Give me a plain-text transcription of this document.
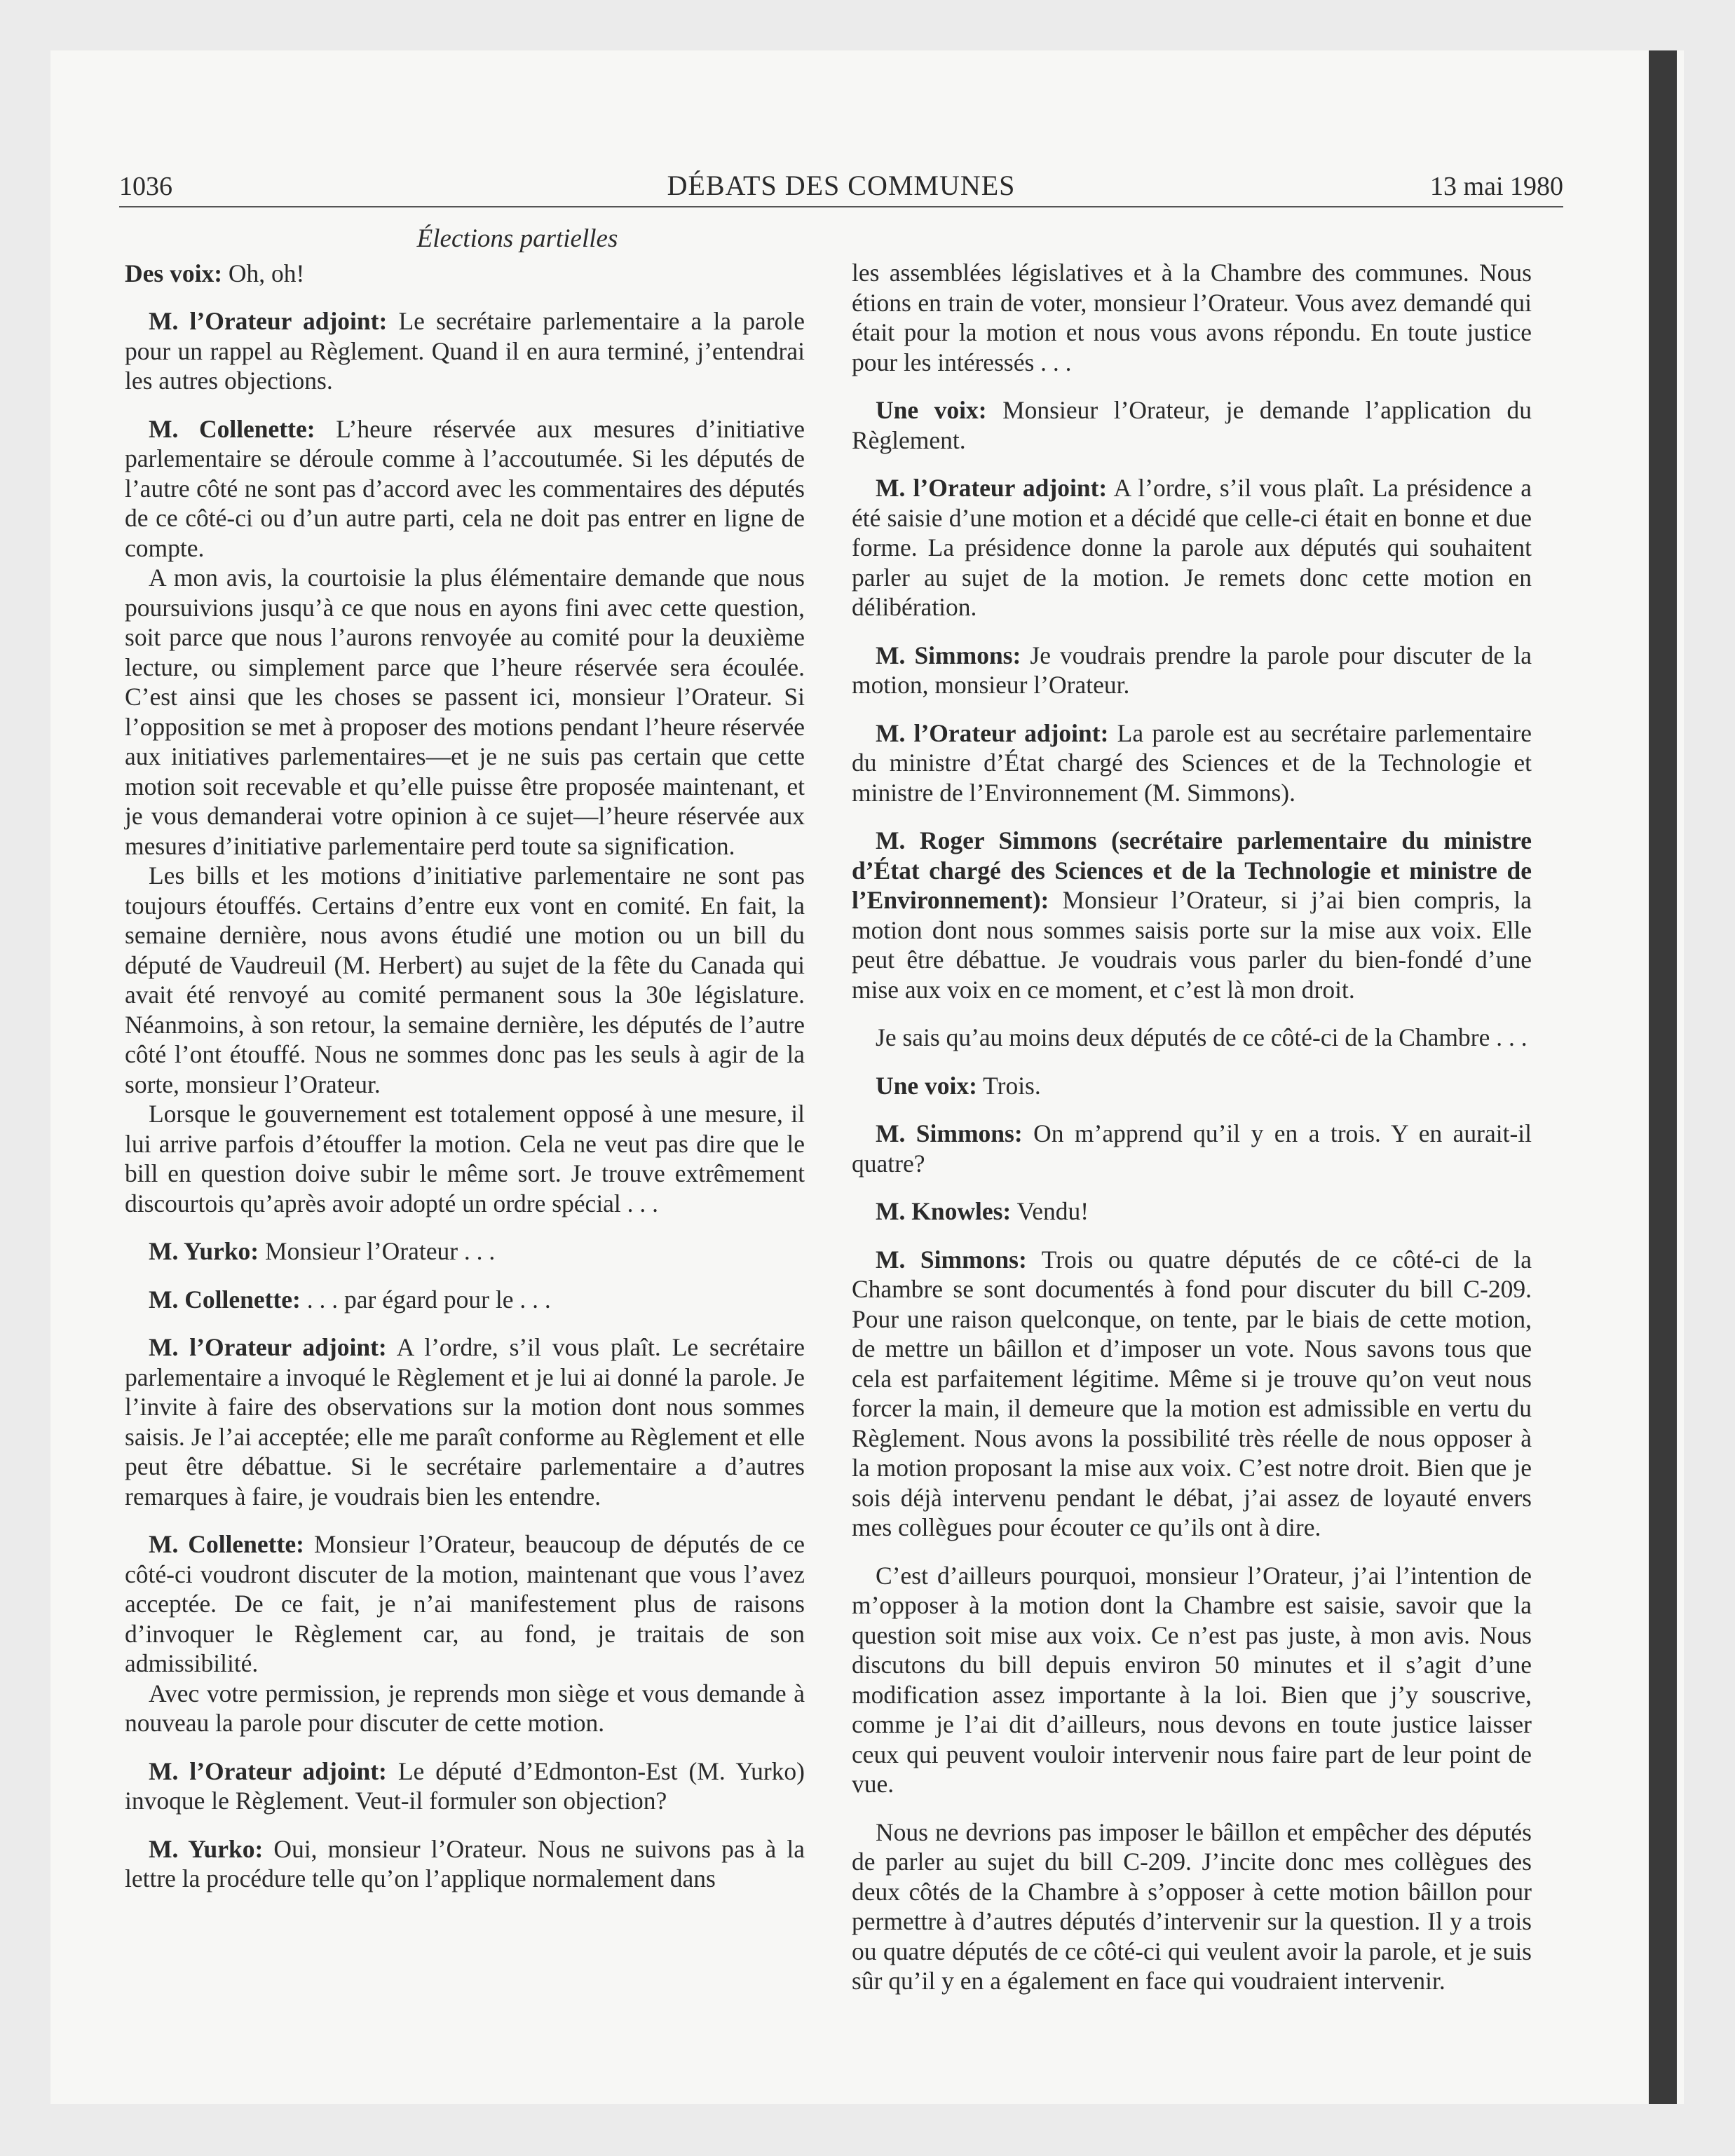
1036	DÉBATS DES COMMUNES	13 mai 1980
Élections partielles

Des voix: Oh, oh!

M. l’Orateur adjoint: Le secrétaire parlementaire a la parole pour un rappel au Règlement. Quand il en aura terminé, j’entendrai les autres objections.

M. Collenette: L’heure réservée aux mesures d’initiative parlementaire se déroule comme à l’accoutumée. Si les députés de l’autre côté ne sont pas d’accord avec les commentaires des députés de ce côté-ci ou d’un autre parti, cela ne doit pas entrer en ligne de compte.

A mon avis, la courtoisie la plus élémentaire demande que nous poursuivions jusqu’à ce que nous en ayons fini avec cette question, soit parce que nous l’aurons renvoyée au comité pour la deuxième lecture, ou simplement parce que l’heure réservée sera écoulée. C’est ainsi que les choses se passent ici, monsieur l’Orateur. Si l’opposition se met à proposer des motions pendant l’heure réservée aux initiatives parlementaires—et je ne suis pas certain que cette motion soit recevable et qu’elle puisse être proposée maintenant, et je vous demanderai votre opinion à ce sujet—l’heure réservée aux mesures d’initiative parlementaire perd toute sa signification.

Les bills et les motions d’initiative parlementaire ne sont pas toujours étouffés. Certains d’entre eux vont en comité. En fait, la semaine dernière, nous avons étudié une motion ou un bill du député de Vaudreuil (M. Herbert) au sujet de la fête du Canada qui avait été renvoyé au comité permanent sous la 30e législature. Néanmoins, à son retour, la semaine dernière, les députés de l’autre côté l’ont étouffé. Nous ne sommes donc pas les seuls à agir de la sorte, monsieur l’Orateur.

Lorsque le gouvernement est totalement opposé à une mesure, il lui arrive parfois d’étouffer la motion. Cela ne veut pas dire que le bill en question doive subir le même sort. Je trouve extrêmement discourtois qu’après avoir adopté un ordre spécial . . .

M. Yurko: Monsieur l’Orateur . . .

M. Collenette: . . . par égard pour le . . .

M. l’Orateur adjoint: A l’ordre, s’il vous plaît. Le secrétaire parlementaire a invoqué le Règlement et je lui ai donné la parole. Je l’invite à faire des observations sur la motion dont nous sommes saisis. Je l’ai acceptée; elle me paraît conforme au Règlement et elle peut être débattue. Si le secrétaire parlementaire a d’autres remarques à faire, je voudrais bien les entendre.

M. Collenette: Monsieur l’Orateur, beaucoup de députés de ce côté-ci voudront discuter de la motion, maintenant que vous l’avez acceptée. De ce fait, je n’ai manifestement plus de raisons d’invoquer le Règlement car, au fond, je traitais de son admissibilité.

Avec votre permission, je reprends mon siège et vous demande à nouveau la parole pour discuter de cette motion.

M. l’Orateur adjoint: Le député d’Edmonton-Est (M. Yurko) invoque le Règlement. Veut-il formuler son objection?

M. Yurko: Oui, monsieur l’Orateur. Nous ne suivons pas à la lettre la procédure telle qu’on l’applique normalement dans

les assemblées législatives et à la Chambre des communes. Nous étions en train de voter, monsieur l’Orateur. Vous avez demandé qui était pour la motion et nous vous avons répondu. En toute justice pour les intéressés . . .

Une voix: Monsieur l’Orateur, je demande l’application du Règlement.

M. l’Orateur adjoint: A l’ordre, s’il vous plaît. La présidence a été saisie d’une motion et a décidé que celle-ci était en bonne et due forme. La présidence donne la parole aux députés qui souhaitent parler au sujet de la motion. Je remets donc cette motion en délibération.

M. Simmons: Je voudrais prendre la parole pour discuter de la motion, monsieur l’Orateur.

M. l’Orateur adjoint: La parole est au secrétaire parlementaire du ministre d’État chargé des Sciences et de la Technologie et ministre de l’Environnement (M. Simmons).

M. Roger Simmons (secrétaire parlementaire du ministre d’État chargé des Sciences et de la Technologie et ministre de l’Environnement): Monsieur l’Orateur, si j’ai bien compris, la motion dont nous sommes saisis porte sur la mise aux voix. Elle peut être débattue. Je voudrais vous parler du bien-fondé d’une mise aux voix en ce moment, et c’est là mon droit.

Je sais qu’au moins deux députés de ce côté-ci de la Chambre . . .

Une voix: Trois.

M. Simmons: On m’apprend qu’il y en a trois. Y en aurait-il quatre?

M. Knowles: Vendu!

M. Simmons: Trois ou quatre députés de ce côté-ci de la Chambre se sont documentés à fond pour discuter du bill C-209. Pour une raison quelconque, on tente, par le biais de cette motion, de mettre un bâillon et d’imposer un vote. Nous savons tous que cela est parfaitement légitime. Même si je trouve qu’on veut nous forcer la main, il demeure que la motion est admissible en vertu du Règlement. Nous avons la possibilité très réelle de nous opposer à la motion proposant la mise aux voix. C’est notre droit. Bien que je sois déjà intervenu pendant le débat, j’ai assez de loyauté envers mes collègues pour écouter ce qu’ils ont à dire.

C’est d’ailleurs pourquoi, monsieur l’Orateur, j’ai l’intention de m’opposer à la motion dont la Chambre est saisie, savoir que la question soit mise aux voix. Ce n’est pas juste, à mon avis. Nous discutons du bill depuis environ 50 minutes et il s’agit d’une modification assez importante à la loi. Bien que j’y souscrive, comme je l’ai dit d’ailleurs, nous devons en toute justice laisser ceux qui peuvent vouloir intervenir nous faire part de leur point de vue.

Nous ne devrions pas imposer le bâillon et empêcher des députés de parler au sujet du bill C-209. J’incite donc mes collègues des deux côtés de la Chambre à s’opposer à cette motion bâillon pour permettre à d’autres députés d’intervenir sur la question. Il y a trois ou quatre députés de ce côté-ci qui veulent avoir la parole, et je suis sûr qu’il y en a également en face qui voudraient intervenir.
